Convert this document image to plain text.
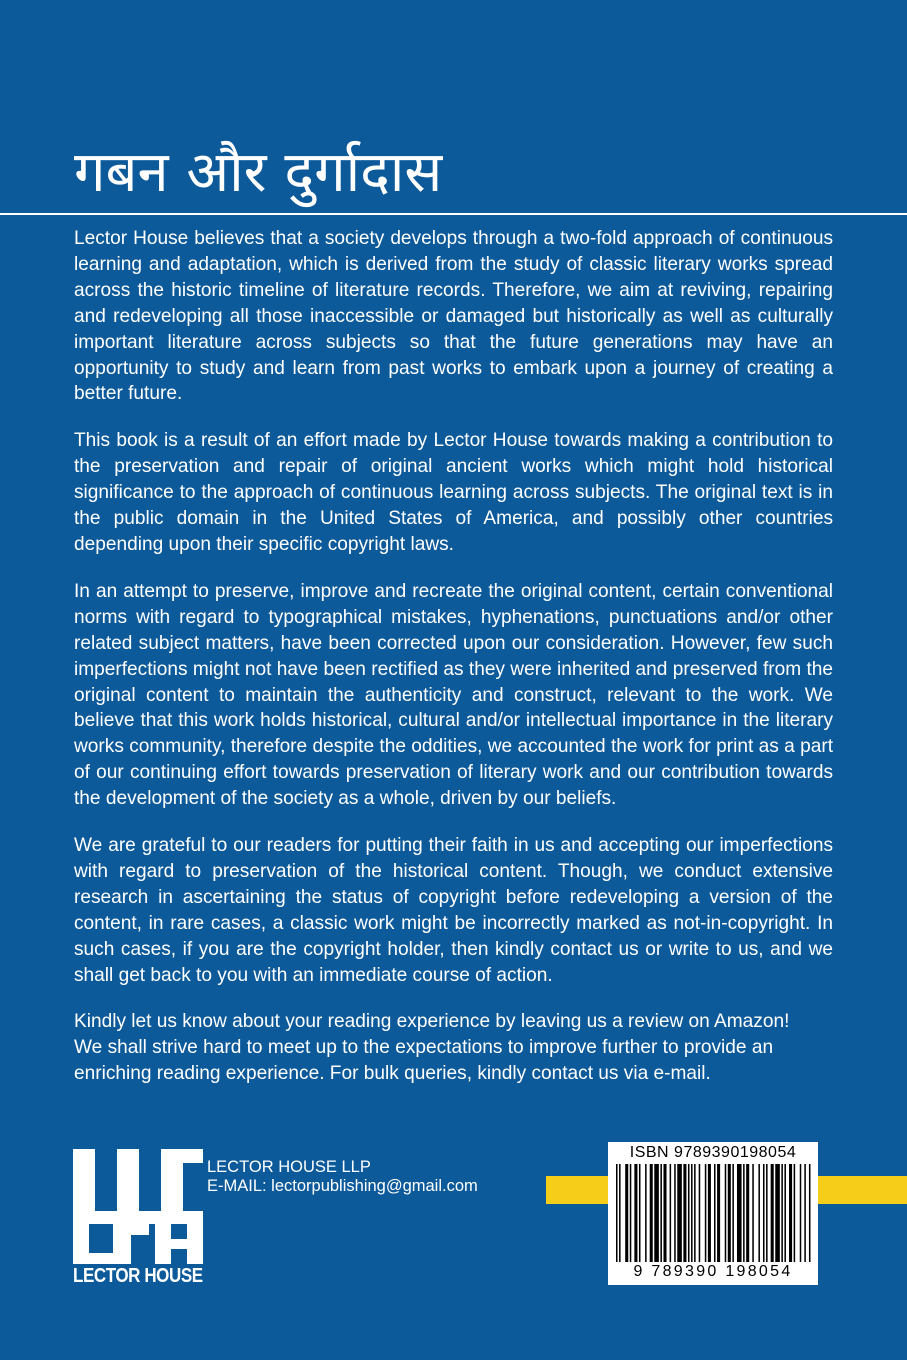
गबन और दुर्गादास

Lector House believes that a society develops through a two-fold approach of continuous learning and adaptation, which is derived from the study of classic literary works spread across the historic timeline of literature records. Therefore, we aim at reviving, repairing and redeveloping all those inaccessible or damaged but historically as well as culturally important literature across subjects so that the future generations may have an opportunity to study and learn from past works to embark upon a journey of creating a better future.

This book is a result of an effort made by Lector House towards making a contribution to the preservation and repair of original ancient works which might hold historical significance to the approach of continuous learning across subjects. The original text is in the public domain in the United States of America, and possibly other countries depending upon their specific copyright laws.

In an attempt to preserve, improve and recreate the original content, certain conventional norms with regard to typographical mistakes, hyphenations, punctuations and/or other related subject matters, have been corrected upon our consideration. However, few such imperfections might not have been rectified as they were inherited and preserved from the original content to maintain the authenticity and construct, relevant to the work. We believe that this work holds historical, cultural and/or intellectual importance in the literary works community, therefore despite the oddities, we accounted the work for print as a part of our continuing effort towards preservation of literary work and our contribution towards the development of the society as a whole, driven by our beliefs.

We are grateful to our readers for putting their faith in us and accepting our imperfections with regard to preservation of the historical content. Though, we conduct extensive research in ascertaining the status of copyright before redeveloping a version of the content, in rare cases, a classic work might be incorrectly marked as not-in-copyright. In such cases, if you are the copyright holder, then kindly contact us or write to us, and we shall get back to you with an immediate course of action.

Kindly let us know about your reading experience by leaving us a review on Amazon!
We shall strive hard to meet up to the expectations to improve further to provide an
enriching reading experience. For bulk queries, kindly contact us via e-mail.

LECTOR HOUSE
LECTOR HOUSE LLP
E-MAIL: lectorpublishing@gmail.com
ISBN 9789390198054
9 789390 198054
